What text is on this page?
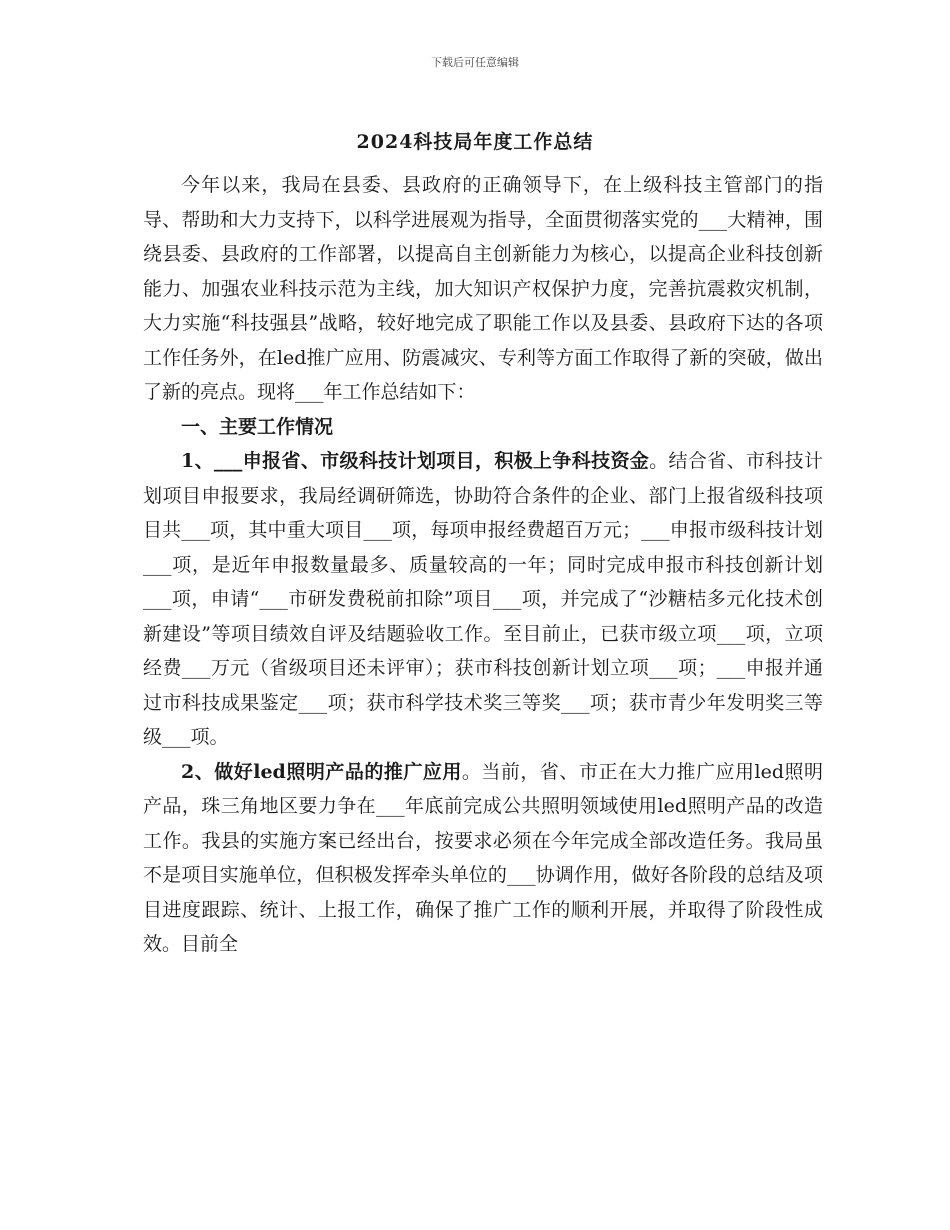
下载后可任意编辑
2024科技局年度工作总结

今年以来，我局在县委、县政府的正确领导下，在上级科技主管部门的指导、帮助和大力支持下，以科学进展观为指导，全面贯彻落实党的___大精神，围绕县委、县政府的工作部署，以提高自主创新能力为核心，以提高企业科技创新能力、加强农业科技示范为主线，加大知识产权保护力度，完善抗震救灾机制，大力实施“科技强县”战略，较好地完成了职能工作以及县委、县政府下达的各项工作任务外，在led推广应用、防震减灾、专利等方面工作取得了新的突破，做出了新的亮点。现将___年工作总结如下：

一、主要工作情况

1、___申报省、市级科技计划项目，积极上争科技资金。结合省、市科技计划项目申报要求，我局经调研筛选，协助符合条件的企业、部门上报省级科技项目共___项，其中重大项目___项，每项申报经费超百万元；___申报市级科技计划___项，是近年申报数量最多、质量较高的一年；同时完成申报市科技创新计划___项，申请“___市研发费税前扣除”项目___项，并完成了“沙糖桔多元化技术创新建设”等项目绩效自评及结题验收工作。至目前止，已获市级立项___项，立项经费___万元（省级项目还未评审）；获市科技创新计划立项___项；___申报并通过市科技成果鉴定___项；获市科学技术奖三等奖___项；获市青少年发明奖三等级___项。

2、做好led照明产品的推广应用。当前，省、市正在大力推广应用led照明产品，珠三角地区要力争在___年底前完成公共照明领域使用led照明产品的改造工作。我县的实施方案已经出台，按要求必须在今年完成全部改造任务。我局虽不是项目实施单位，但积极发挥牵头单位的___协调作用，做好各阶段的总结及项目进度跟踪、统计、上报工作，确保了推广工作的顺利开展，并取得了阶段性成效。目前全
